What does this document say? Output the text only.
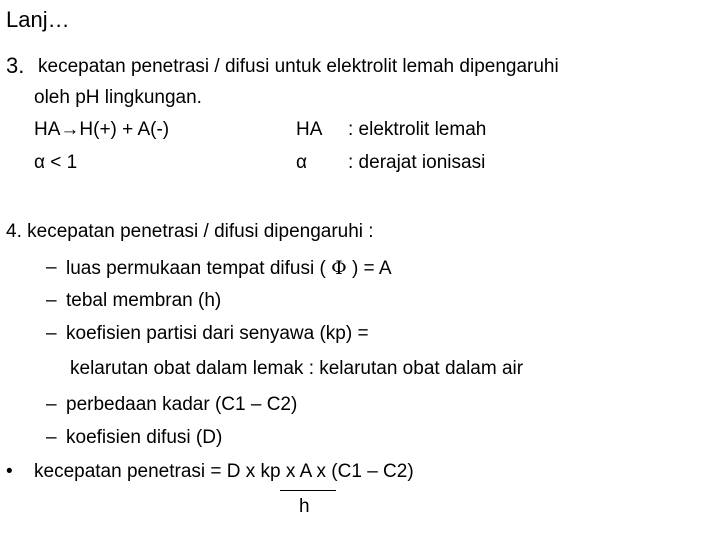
Lanj…
3. kecepatan penetrasi / difusi untuk elektrolit lemah dipengaruhi
oleh pH lingkungan.
HA→H(+) + A(-)	HA : elektrolit lemah
α < 1	α : derajat ionisasi
4. kecepatan penetrasi / difusi dipengaruhi :
– luas permukaan tempat difusi ( Φ ) = A
– tebal membran (h)
– koefisien partisi dari senyawa (kp) =
kelarutan obat dalam lemak : kelarutan obat dalam air
– perbedaan kadar (C1 – C2)
– koefisien difusi (D)
• kecepatan penetrasi = D x kp x A x (C1 – C2)
h
